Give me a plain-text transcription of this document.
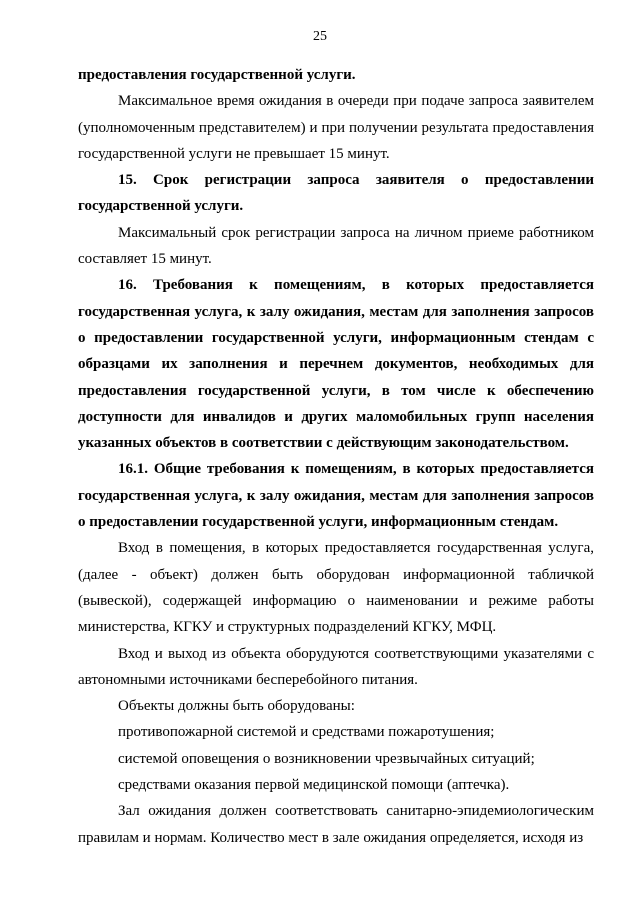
25

предоставления государственной услуги.

Максимальное время ожидания в очереди при подаче запроса заявителем (уполномоченным представителем) и при получении результата предоставления государственной услуги не превышает 15 минут.

15. Срок регистрации запроса заявителя о предоставлении государственной услуги.

Максимальный срок регистрации запроса на личном приеме работником составляет 15 минут.

16. Требования к помещениям, в которых предоставляется государственная услуга, к залу ожидания, местам для заполнения запросов о предоставлении государственной услуги, информационным стендам с образцами их заполнения и перечнем документов, необходимых для предоставления государственной услуги, в том числе к обеспечению доступности для инвалидов и других маломобильных групп населения указанных объектов в соответствии с действующим законодательством.

16.1. Общие требования к помещениям, в которых предоставляется государственная услуга, к залу ожидания, местам для заполнения запросов о предоставлении государственной услуги, информационным стендам.

Вход в помещения, в которых предоставляется государственная услуга, (далее - объект) должен быть оборудован информационной табличкой (вывеской), содержащей информацию о наименовании и режиме работы министерства, КГКУ и структурных подразделений КГКУ, МФЦ.

Вход и выход из объекта оборудуются соответствующими указателями с автономными источниками бесперебойного питания.

Объекты должны быть оборудованы:

противопожарной системой и средствами пожаротушения;

системой оповещения о возникновении чрезвычайных ситуаций;

средствами оказания первой медицинской помощи (аптечка).

Зал ожидания должен соответствовать санитарно-эпидемиологическим правилам и нормам. Количество мест в зале ожидания определяется, исходя из
